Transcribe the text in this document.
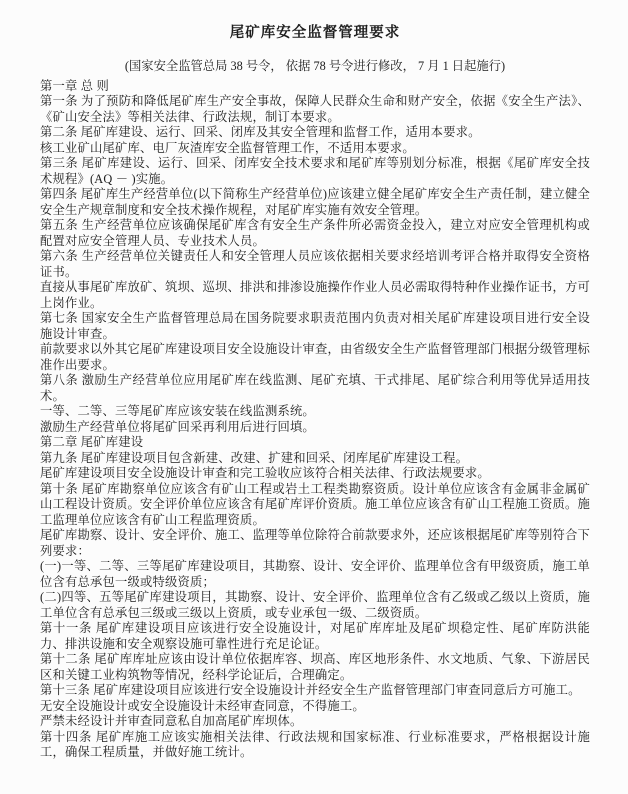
尾矿库安全监督管理要求

(国家安全监管总局 38 号令， 依据 78 号令进行修改， 7 月 1 日起施行)

第一章 总 则

第一条 为了预防和降低尾矿库生产安全事故，保障人民群众生命和财产安全，依据《安全生产法》、《矿山安全法》等相关法律、行政法规，制订本要求。

第二条 尾矿库建设、运行、回采、闭库及其安全管理和监督工作，适用本要求。

核工业矿山尾矿库、电厂灰渣库安全监督管理工作，不适用本要求。

第三条 尾矿库建设、运行、回采、闭库安全技术要求和尾矿库等别划分标准，根据《尾矿库安全技术规程》(AQ － )实施。

第四条 尾矿库生产经营单位(以下简称生产经营单位)应该建立健全尾矿库安全生产责任制，建立健全安全生产规章制度和安全技术操作规程，对尾矿库实施有效安全管理。

第五条 生产经营单位应该确保尾矿库含有安全生产条件所必需资金投入，建立对应安全管理机构或配置对应安全管理人员、专业技术人员。

第六条 生产经营单位关键责任人和安全管理人员应该依据相关要求经培训考评合格并取得安全资格证书。

直接从事尾矿库放矿、筑坝、巡坝、排洪和排渗设施操作作业人员必需取得特种作业操作证书，方可上岗作业。

第七条 国家安全生产监督管理总局在国务院要求职责范围内负责对相关尾矿库建设项目进行安全设施设计审查。

前款要求以外其它尾矿库建设项目安全设施设计审查，由省级安全生产监督管理部门根据分级管理标准作出要求。

第八条 激励生产经营单位应用尾矿库在线监测、尾矿充填、干式排尾、尾矿综合利用等优异适用技术。

一等、二等、三等尾矿库应该安装在线监测系统。

激励生产经营单位将尾矿回采再利用后进行回填。

第二章 尾矿库建设

第九条 尾矿库建设项目包含新建、改建、扩建和回采、闭库尾矿库建设工程。

尾矿库建设项目安全设施设计审查和完工验收应该符合相关法律、行政法规要求。

第十条 尾矿库勘察单位应该含有矿山工程或岩土工程类勘察资质。设计单位应该含有金属非金属矿山工程设计资质。安全评价单位应该含有尾矿库评价资质。施工单位应该含有矿山工程施工资质。施工监理单位应该含有矿山工程监理资质。

尾矿库勘察、设计、安全评价、施工、监理等单位除符合前款要求外，还应该根据尾矿库等别符合下列要求：

(一)一等、二等、三等尾矿库建设项目，其勘察、设计、安全评价、监理单位含有甲级资质，施工单位含有总承包一级或特级资质；

(二)四等、五等尾矿库建设项目，其勘察、设计、安全评价、监理单位含有乙级或乙级以上资质，施工单位含有总承包三级或三级以上资质，或专业承包一级、二级资质。

第十一条 尾矿库建设项目应该进行安全设施设计，对尾矿库库址及尾矿坝稳定性、尾矿库防洪能力、排洪设施和安全观察设施可靠性进行充足论证。

第十二条 尾矿库库址应该由设计单位依据库容、坝高、库区地形条件、水文地质、气象、下游居民区和关键工业构筑物等情况，经科学论证后，合理确定。

第十三条 尾矿库建设项目应该进行安全设施设计并经安全生产监督管理部门审查同意后方可施工。

无安全设施设计或安全设施设计未经审查同意，不得施工。

严禁未经设计并审查同意私自加高尾矿库坝体。

第十四条 尾矿库施工应该实施相关法律、行政法规和国家标准、行业标准要求，严格根据设计施工，确保工程质量，并做好施工统计。
